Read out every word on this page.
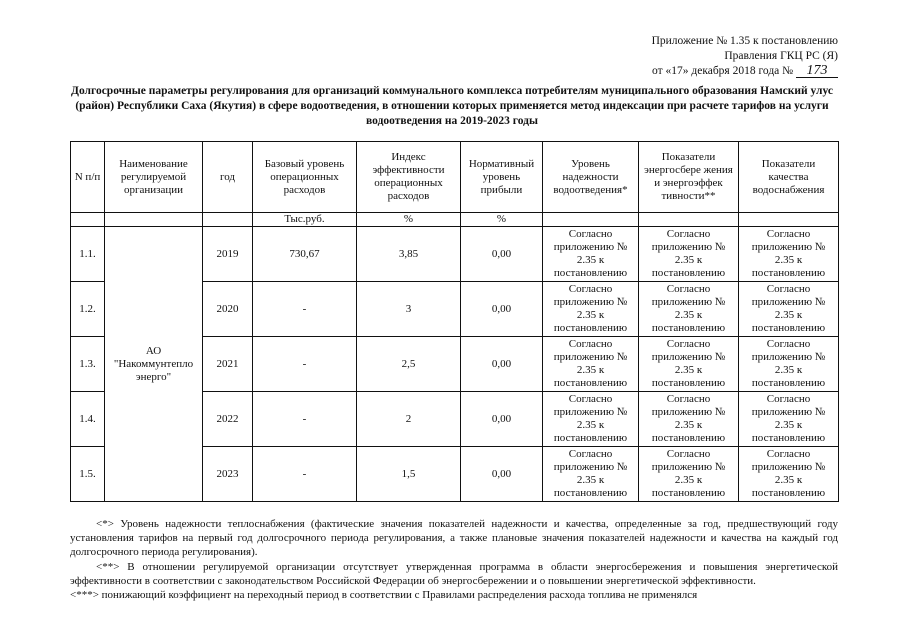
Приложение № 1.35 к постановлению
Правления ГКЦ РС (Я)
от «17» декабря 2018 года № 173
Долгосрочные параметры регулирования для организаций коммунального комплекса потребителям муниципального образования Намский улус (район) Республики Саха (Якутия) в сфере водоотведения, в отношении которых применяется метод индексации при расчете тарифов на услуги водоотведения на 2019-2023 годы
N п/п	Наименование регулируемой организации	год	Базовый уровень операционных расходов	Индекс эффективности операционных расходов	Нормативный уровень прибыли	Уровень надежности водоотведения*	Показатели энергосбере жения и энергоэффек тивности**	Показатели качества водоснабжения
			Тыс.руб.	%	%			
1.1.	АО "Накоммунтепло энерго"	2019	730,67	3,85	0,00	Согласно приложению № 2.35 к постановлению	Согласно приложению № 2.35 к постановлению	Согласно приложению № 2.35 к постановлению
1.2.		2020	-	3	0,00	Согласно приложению № 2.35 к постановлению	Согласно приложению № 2.35 к постановлению	Согласно приложению № 2.35 к постановлению
1.3.		2021	-	2,5	0,00	Согласно приложению № 2.35 к постановлению	Согласно приложению № 2.35 к постановлению	Согласно приложению № 2.35 к постановлению
1.4.		2022	-	2	0,00	Согласно приложению № 2.35 к постановлению	Согласно приложению № 2.35 к постановлению	Согласно приложению № 2.35 к постановлению
1.5.		2023	-	1,5	0,00	Согласно приложению № 2.35 к постановлению	Согласно приложению № 2.35 к постановлению	Согласно приложению № 2.35 к постановлению

<*> Уровень надежности теплоснабжения (фактические значения показателей надежности и качества, определенные за год, предшествующий году установления тарифов на первый год долгосрочного периода регулирования, а также плановые значения показателей надежности и качества на каждый год долгосрочного периода регулирования).

<**> В отношении регулируемой организации отсутствует утвержденная программа в области энергосбережения и повышения энергетической эффективности в соответствии с законодательством Российской Федерации об энергосбережении и о повышении энергетической эффективности.

<***> понижающий коэффициент на переходный период в соответствии с Правилами распределения расхода топлива не применялся
